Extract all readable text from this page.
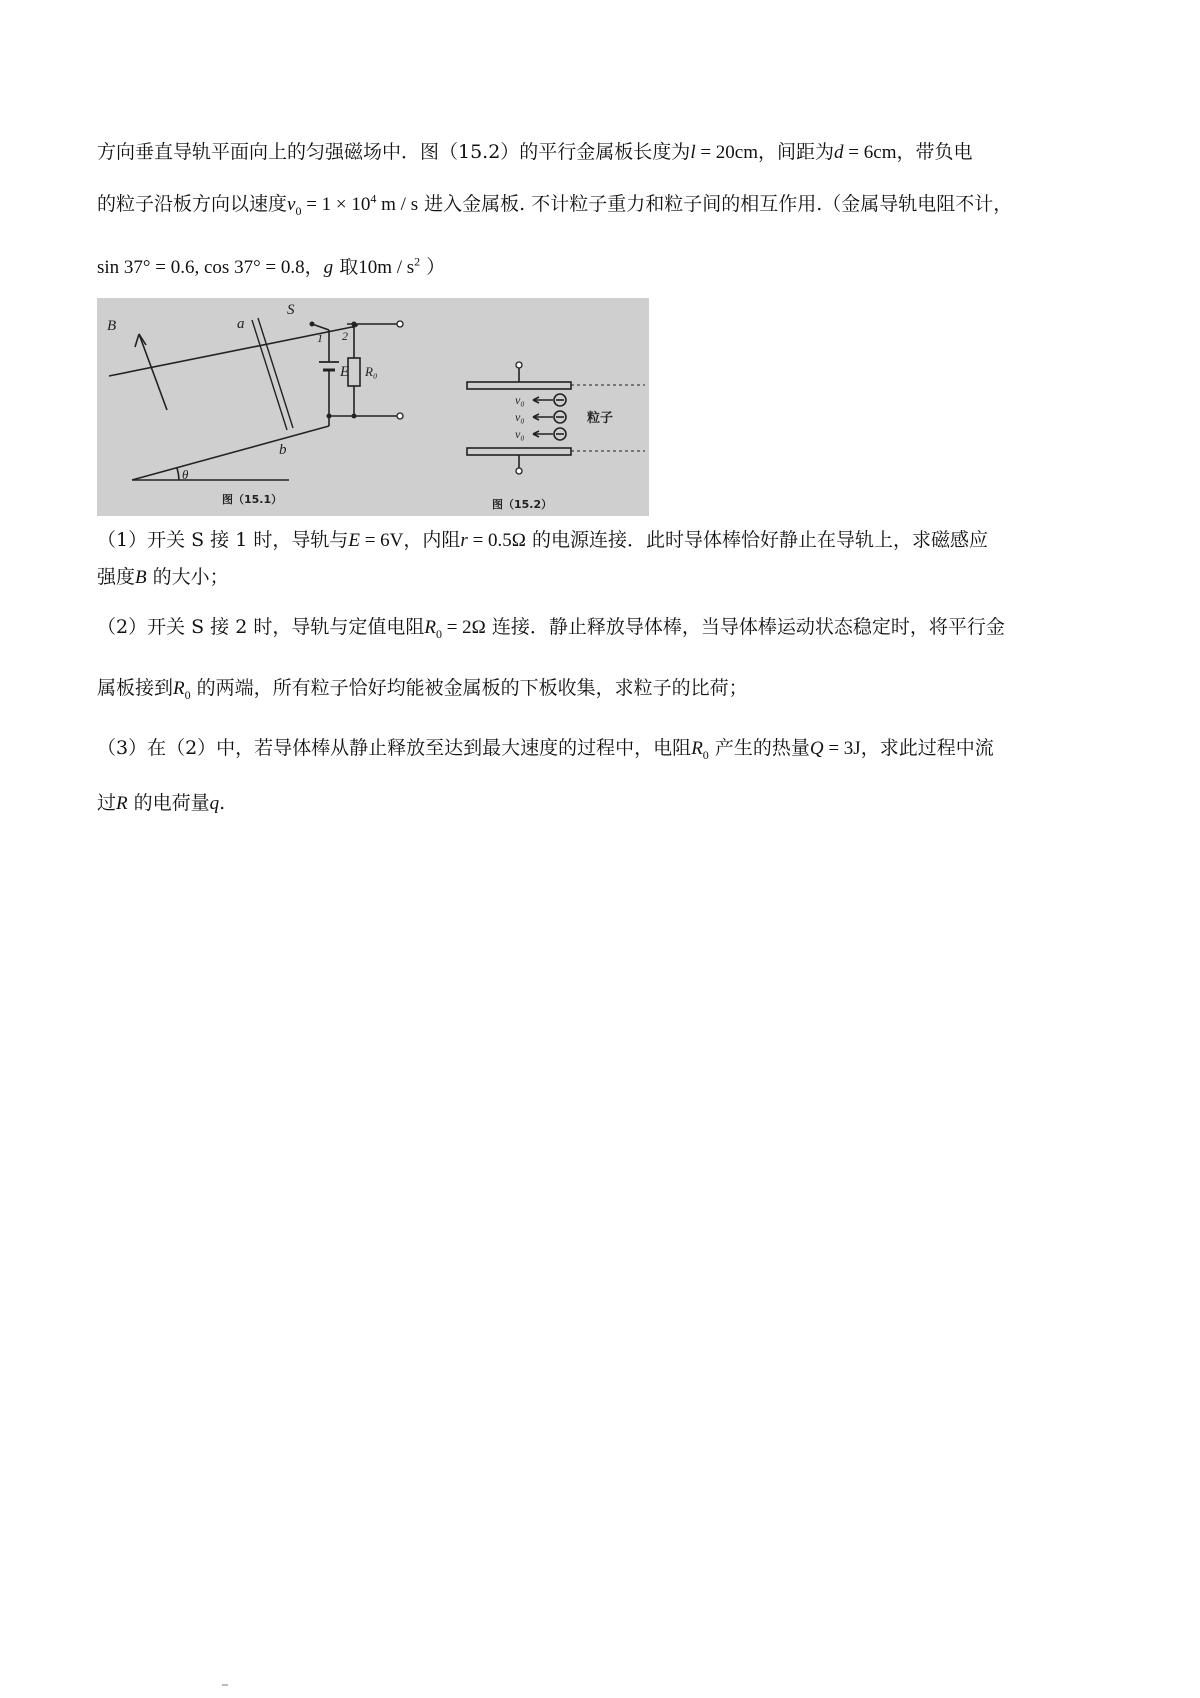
方向垂直导轨平面向上的匀强磁场中．图（15.2）的平行金属板长度为l = 20cm，间距为d = 6cm，带负电
的粒子沿板方向以速度$v_0 = 1 \times 10^4$ m / s 进入金属板. 不计粒子重力和粒子间的相互作用.（金属导轨电阻不计，
sin 37° = 0.6, cos 37° = 0.8，g 取$10m / s^2$ ）
B	a
S
1 2
E R₀
b
θ
v₀
v₀
v₀
粒子
图（15.1）	图（15.2）
（1）开关 S 接 1 时，导轨与E = 6V，内阻r = 0.5Ω 的电源连接．此时导体棒恰好静止在导轨上，求磁感应
强度B 的大小；
（2）开关 S 接 2 时，导轨与定值电阻$R_0 = 2\Omega$ 连接．静止释放导体棒，当导体棒运动状态稳定时，将平行金
属板接到$R_0$ 的两端，所有粒子恰好均能被金属板的下板收集，求粒子的比荷；
（3）在（2）中，若导体棒从静止释放至达到最大速度的过程中，电阻$R_0$ 产生的热量Q = 3J，求此过程中流
过R 的电荷量q.
